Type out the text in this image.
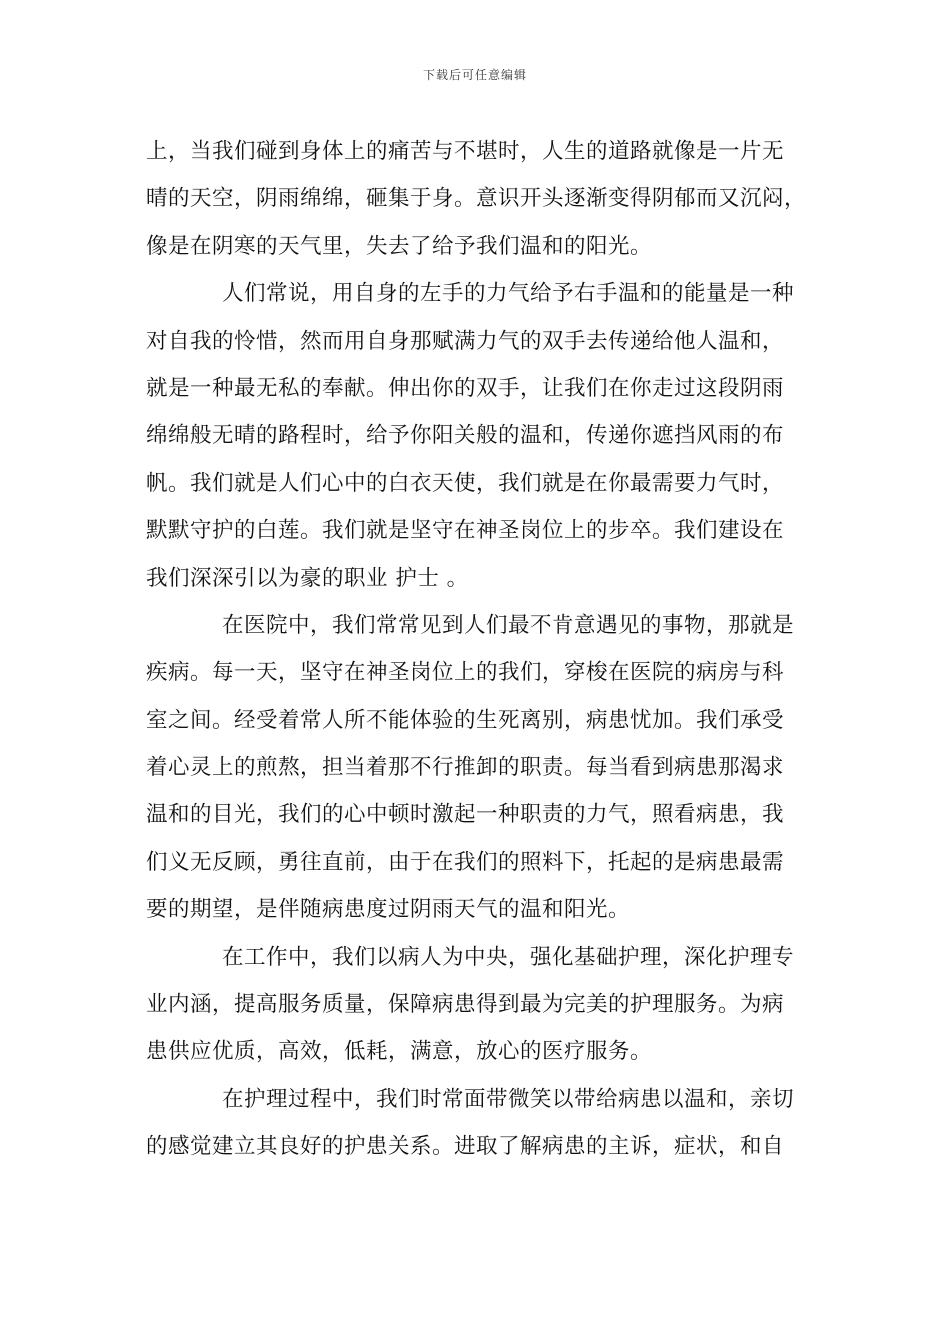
下载后可任意编辑
上，当我们碰到身体上的痛苦与不堪时，人生的道路就像是一片无
晴的天空，阴雨绵绵，砸集于身。意识开头逐渐变得阴郁而又沉闷，
像是在阴寒的天气里，失去了给予我们温和的阳光。
人们常说，用自身的左手的力气给予右手温和的能量是一种
对自我的怜惜，然而用自身那赋满力气的双手去传递给他人温和，
就是一种最无私的奉献。伸出你的双手，让我们在你走过这段阴雨
绵绵般无晴的路程时，给予你阳关般的温和，传递你遮挡风雨的布
帆。我们就是人们心中的白衣天使，我们就是在你最需要力气时，
默默守护的白莲。我们就是坚守在神圣岗位上的步卒。我们建设在
我们深深引以为豪的职业 护士 。
在医院中，我们常常见到人们最不肯意遇见的事物，那就是
疾病。每一天，坚守在神圣岗位上的我们，穿梭在医院的病房与科
室之间。经受着常人所不能体验的生死离别，病患忧加。我们承受
着心灵上的煎熬，担当着那不行推卸的职责。每当看到病患那渴求
温和的目光，我们的心中顿时激起一种职责的力气，照看病患，我
们义无反顾，勇往直前，由于在我们的照料下，托起的是病患最需
要的期望，是伴随病患度过阴雨天气的温和阳光。
在工作中，我们以病人为中央，强化基础护理，深化护理专
业内涵，提高服务质量，保障病患得到最为完美的护理服务。为病
患供应优质，高效，低耗，满意，放心的医疗服务。
在护理过程中，我们时常面带微笑以带给病患以温和，亲切
的感觉建立其良好的护患关系。进取了解病患的主诉，症状，和自
